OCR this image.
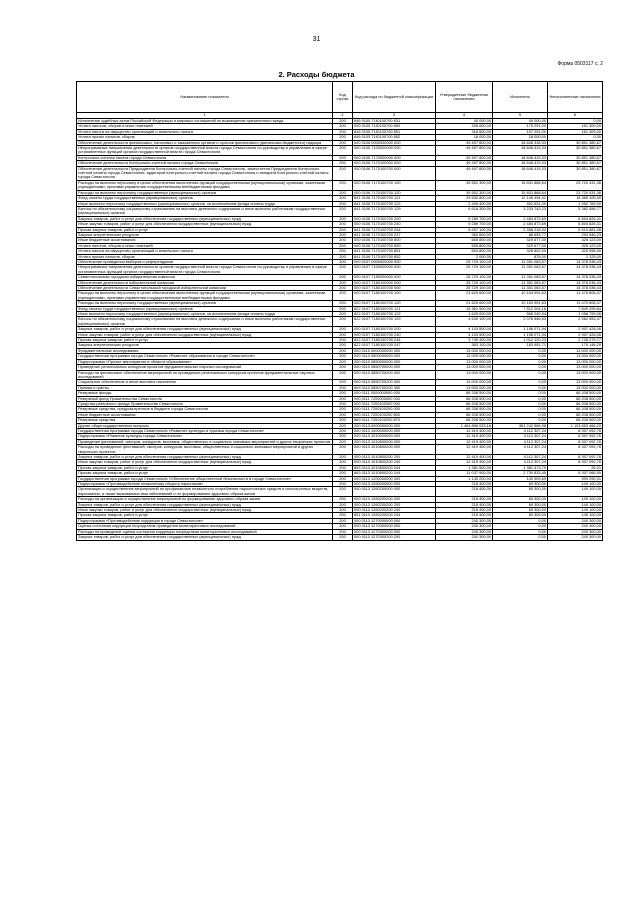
31
Форма 0503117 с. 2
2. Расходы бюджета
Наименование показателя	Код строки	Код расхода по бюджетной классификации	Утвержденные бюджетные назначения	Исполнено	Неисполненные назначения
1	2	3	4	5	6
Исполнение судебных актов Российской Федерации и мировых соглашений по возмещению причиненного вреда	200	846 0105 71Ю100700 831	40 000,00	40 000,00	0,00
Уплата налогов, сборов и иных платежей	200	000 0105 71Ю100700 850	336 600,00	175 291,00	161 309,00
Уплата налога на имущество организаций и земельного налога	200	846 0105 71Ю100700 851	318 600,00	157 291,00	161 309,00
Уплата прочих налогов, сборов	200	846 0105 71Ю100700 852	18 000,00	18 000,00	0,00
Обеспечение деятельности финансовых, налоговых и таможенных органов и органов финансового (финансово-бюджетного) надзора	200	000 0106 0000000000 000	49 497 800,00	18 646 418,33	30 851 380,67
Непрограммные направления деятельности органов государственной власти города Севастополя по руководству и управлению в сфере установленных функций органов государственной власти города Севастополя	200	000 0106 7100000000 000	49 497 800,00	18 646 419,33	30 851 380,67
Контрольно-счетная палата города Севастополя	200	000 0106 7170000000 000	49 497 800,00	18 646 419,33	30 851 380,67
Обеспечение деятельности Контрольно-счетной палаты города Севастополя	200	000 0106 7170100000 000	49 497 800,00	18 646 419,33	30 851 380,67
Обеспечение деятельности Председателя Контрольно-счетной палаты города Севастополя, заместителя Председателя Контрольно-счетной палаты города Севастополя, аудиторов Контрольно-счетной палаты города Севастополя и аппарата Контрольно-счетной палаты города Севастополя	200	000 0106 7170100700 000	49 497 800,00	18 646 419,33	30 851 380,67
Расходы на выплаты персоналу в целях обеспечения выполнения функций государственными (муниципальными) органами, казенными учреждениями, органами управления государственными внебюджетными фондами	200	000 0106 7170100700 100	39 552 300,00	15 831 868,64	23 720 431,36
Расходы на выплаты персоналу государственных (муниципальных) органов	200	000 0106 7170100700 120	39 552 300,00	15 831 868,64	23 720 431,36
Фонд оплаты труда государственных (муниципальных) органов	200	841 0106 7170100700 121	29 530 800,00	12 145 494,41	16 385 105,59
Иные выплаты персоналу государственных (муниципальных) органов, за исключением фонда оплаты труда	200	841 0106 7170100700 122	2 405 400,00	452 631,00	1 952 769,00
Взносы по обязательному социальному страхованию на выплаты денежного содержания и иные выплаты работникам государственных (муниципальных) органов	200	841 0106 7170100700 129	6 616 300,00	3 233 743,23	5 382 556,77
Закупка товаров, работ и услуг для обеспечения государственных (муниципальных) нужд	200	000 0106 7170100700 200	9 289 700,00	2 484 873,69	6 804 826,31
Иные закупки товаров, работ и услуг для обеспечения государственных (муниципальных) нужд	200	000 0106 7170100700 240	9 289 700,00	2 484 873,69	6 804 826,31
Прочая закупка товаров, работ и услуг	200	841 0106 7170100700 244	8 907 100,00	2 396 218,92	6 510 881,08
Закупка энергетических ресурсов	200	841 0106 7170100700 247	382 600,00	88 653,77	293 946,23
Иные бюджетные ассигнования	200	000 0106 7170100700 800	655 800,00	329 677,00	326 123,00
Уплата налогов, сборов и иных платежей	200	000 0106 7170100700 850	655 800,00	329 677,00	326 123,00
Уплата налога на имущество организаций и земельного налога	200	841 0106 7170100700 851	653 800,00	328 802,00	325 098,00
Уплата прочих налогов, сборов	200	841 0106 7170100700 852	2 000,00	875,00	1 125,00
Обеспечение проведения выборов и референдумов	200	000 0107 0000000000 000	25 729 100,00	11 351 063,57	14 378 036,43
Непрограммные направления деятельности органов государственной власти города Севастополя по руководству и управлению в сфере установленных функций органов государственной власти города Севастополя	200	000 0107 7100000000 000	25 729 100,00	11 351 063,57	14 378 036,43
Севастопольская городская избирательная комиссия	200	000 0107 7180000000 000	25 729 100,00	11 351 063,57	14 378 036,43
Обеспечение деятельности избирательной комиссии	200	000 0107 7180100000 000	25 729 100,00	11 351 063,57	14 378 036,43
Обеспечение деятельности Севастопольской городской избирательной комиссии	200	000 0107 7180100700 000	25 729 100,00	11 351 063,57	14 378 036,43
Расходы на выплаты персоналу в целях обеспечения выполнения функций государственными (муниципальными) органами, казенными учреждениями, органами управления государственными внебюджетными фондами	200	000 0107 7180100700 100	21 625 600,00	10 154 991,63	11 470 608,37
Расходы на выплаты персоналу государственных (муниципальных) органов	200	000 0107 7180100700 120	21 625 600,00	10 154 991,63	11 470 608,37
Фонд оплаты труда государственных (муниципальных) органов	200	822 0107 7180100700 121	15 361 500,00	7 512 204,16	7 849 295,84
Иные выплаты персоналу государственных (муниципальных) органов, за исключением фонда оплаты труда	200	822 0107 7180100700 122	1 625 000,00	566 240,94	1 058 759,06
Взносы по обязательному социальному страхованию на выплаты денежного содержания и иные выплаты работникам государственных (муниципальных) органов	200	822 0107 7180100700 129	4 639 100,00	2 076 546,53	2 562 553,47
Закупка товаров, работ и услуг для обеспечения государственных (муниципальных) нужд	200	000 0107 7180100700 200	4 103 500,00	1 196 071,94	2 907 428,06
Иные закупки товаров, работ и услуг для обеспечения государственных (муниципальных) нужд	200	000 0107 7180100700 240	4 103 500,00	1 196 071,94	2 907 428,06
Прочая закупка товаров, работ и услуг	200	822 0107 7180100700 244	3 740 400,00	1 012 120,23	2 728 279,77
Закупка энергетических ресурсов	200	822 0107 7180100700 247	363 100,00	183 951,71	179 148,29
Фундаментальные исследования	200	000 0110 0000000000 000	13 000 000,00	0,00	13 000 000,00
Государственная программа города Севастополя «Развитие образования в городе Севастополе»	200	000 0110 0800000000 000	13 000 000,00	0,00	13 000 000,00
Подпрограмма «Прочие мероприятия в области образования»	200	000 0110 0850000000 000	13 000 000,00	0,00	13 000 000,00
Проведение региональных конкурсов проектов фундаментальных научных исследований	200	000 0110 0850700000 000	13 000 000,00	0,00	13 000 000,00
Расходы на финансовое обеспечение мероприятий по проведению региональных конкурсов проектов фундаментальных научных исследований	200	000 0110 0850700200 000	13 000 000,00	0,00	13 000 000,00
Социальное обеспечение и иные выплаты населению	200	000 0110 0850700200 300	13 000 000,00	0,00	13 000 000,00
Премии и гранты	200	809 0110 0850700200 350	13 000 000,00	0,00	13 000 000,00
Резервные фонды	200	000 0111 0000000000 000	66 208 500,00	0,00	66 208 500,00
Резервный фонд Правительства Севастополя	200	000 0111 7200000000 000	66 208 500,00	0,00	66 208 500,00
Средства резервного фонда Правительства Севастополя	200	000 0111 7200100000 000	66 208 500,00	0,00	66 208 500,00
Резервные средства, предусмотренные в бюджете города Севастополя	200	000 0111 7200100200 000	66 208 500,00	0,00	66 208 500,00
Иные бюджетные ассигнования	200	000 0111 7200100200 800	66 208 500,00	0,00	66 208 500,00
Резервные средства	200	869 0111 7200100200 870	66 208 500,00	0,00	66 208 500,00
Другие общегосударственные вопросы	200	000 0113 0000000000 000	1 464 896 033,16	361 242 586,98	1 103 653 466,20
Государственная программа города Севастополя «Развитие культуры и туризма города Севастополя»	200	000 0113 1000000000 000	12 419 400,00	4 112 307,24	8 307 092,76
Подпрограмма «Развитие культуры города Севастополя»	200	000 0113 1010000000 000	12 419 400,00	4 112 307,24	8 307 092,76
Проведение фестивалей, смотров, конкурсов, выставок, общественных и социально значимых мероприятий и других творческих проектов	200	000 0113 1010800000 000	12 419 400,00	4 112 307,24	8 307 092,76
Расходы на проведение фестивалей, смотров, конкурсов, выставок, общественных и социально значимых мероприятий и других творческих проектов	200	000 0113 1010800200 000	12 419 400,00	4 112 307,24	8 307 092,76
Закупка товаров, работ и услуг для обеспечения государственных (муниципальных) нужд	200	000 0113 1010800200 200	12 419 400,00	4 112 307,24	8 307 092,76
Иные закупки товаров, работ и услуг для обеспечения государственных (муниципальных) нужд	200	000 0113 1010800200 240	12 419 400,00	4 112 307,24	8 307 092,76
Прочая закупка товаров, работ и услуг	200	853 0113 1010800200 244	1 381 500,00	1 381 473,79	26,21
Прочая закупка товаров, работ и услуг	200	863 0113 1010800200 244	11 037 900,00	2 730 833,45	8 307 066,55
Государственная программа города Севастополя «Обеспечение общественной безопасности в городе Севастополе»	200	000 0113 1200000000 000	1 140 200,00	140 909,69	999 290,31
Подпрограмма «Противодействие незаконному обороту наркотиков»	200	000 0113 1260000000 000	218 400,00	69 300,00	149 100,00
Организация и осуществление мероприятий по профилактике незаконного потребления наркотических средств и психотропных веществ, наркомании, а также вызываемых ими заболеваний и по формированию здорового образа жизни	200	000 0113 1260200000 000	218 400,00	69 300,00	149 100,00
Расходы на организацию и осуществление мероприятий по формированию здорового образа жизни	200	000 0113 1260200200 000	218 400,00	69 300,00	149 100,00
Закупка товаров, работ и услуг для обеспечения государственных (муниципальных) нужд	200	000 0113 1260200200 200	218 400,00	69 300,00	149 100,00
Иные закупки товаров, работ и услуг для обеспечения государственных (муниципальных) нужд	200	000 0113 1260200200 240	218 400,00	69 300,00	149 100,00
Прочая закупка товаров, работ и услуг	200	851 0113 1260200200 244	218 400,00	69 300,00	149 100,00
Подпрограмма «Противодействие коррупции в городе Севастополе»	200	000 0113 1270000000 000	240 300,00	0,00	240 300,00
Оценка состояния коррупции посредством проведения мониторинговых исследований	200	000 0113 1270300000 000	240 300,00	0,00	240 300,00
Расходы на проведение оценки состояния коррупции посредством мониторинговых исследований	200	000 0113 1270300200 000	240 300,00	0,00	240 300,00
Закупка товаров, работ и услуг для обеспечения государственных (муниципальных) нужд	200	000 0113 1270300200 200	240 300,00	0,00	240 300,00
